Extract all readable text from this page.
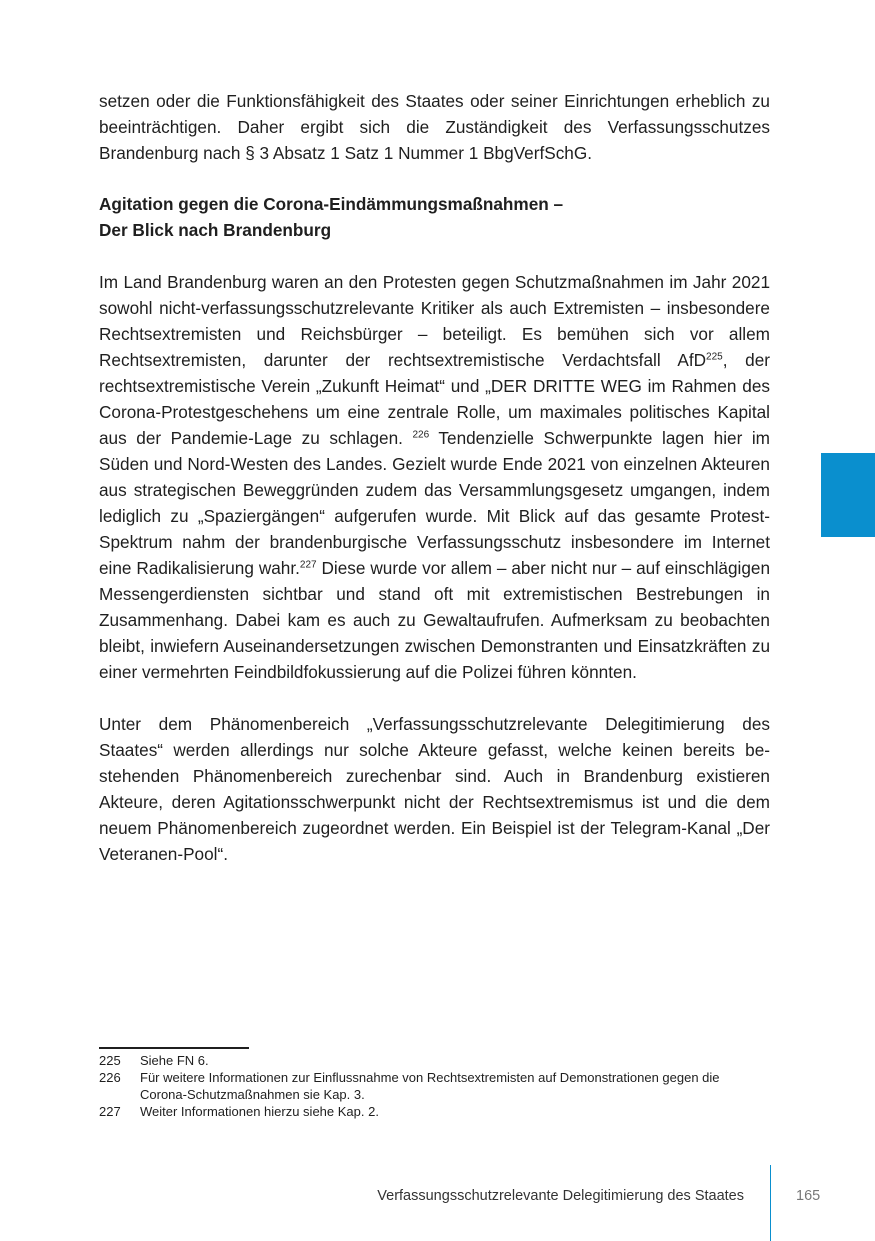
setzen oder die Funktionsfähigkeit des Staates oder seiner Einrichtungen erheblich zu beeinträchtigen. Daher ergibt sich die Zuständigkeit des Verfassungsschutzes Brandenburg nach § 3 Absatz 1 Satz 1 Nummer 1 BbgVerfSchG.

Agitation gegen die Corona-Eindämmungsmaßnahmen –
Der Blick nach Brandenburg

Im Land Brandenburg waren an den Protesten gegen Schutzmaßnahmen im Jahr 2021 sowohl nicht-verfassungsschutzrelevante Kritiker als auch Extremisten – insbesondere Rechtsextremisten und Reichsbürger – beteiligt. Es bemühen sich vor allem Rechtsextremisten, darunter der rechtsextremistische Verdachtsfall AfD$^{225}$, der rechtsextremistische Verein „Zukunft Heimat“ und „DER DRITTE WEG im Rahmen des Corona-Protestgeschehens um eine zentrale Rolle, um maximales politisches Kapital aus der Pandemie-Lage zu schlagen. $^{226}$ Tendenzielle Schwerpunkte lagen hier im Süden und Nord-Westen des Landes. Gezielt wurde Ende 2021 von einzelnen Akteuren aus strategischen Beweggründen zudem das Versammlungsgesetz umgangen, indem lediglich zu „Spaziergängen“ aufgerufen wurde. Mit Blick auf das gesamte Protest-Spektrum nahm der brandenburgische Verfassungsschutz insbesondere im Internet eine Radikalisierung wahr.$^{227}$ Diese wurde vor allem – aber nicht nur – auf einschlägigen Messengerdiensten sichtbar und stand oft mit extremistischen Bestrebungen in Zusammenhang. Dabei kam es auch zu Gewaltaufrufen. Aufmerksam zu beobachten bleibt, inwiefern Auseinandersetzungen zwischen Demonstranten und Einsatzkräften zu einer vermehrten Feindbildfokussierung auf die Polizei führen könnten.

Unter dem Phänomenbereich „Verfassungsschutzrelevante Delegitimierung des Staates“ werden allerdings nur solche Akteure gefasst, welche keinen bereits bestehenden Phänomenbereich zurechenbar sind. Auch in Brandenburg existieren Akteure, deren Agitationsschwerpunkt nicht der Rechtsextremismus ist und die dem neuem Phänomenbereich zugeordnet werden. Ein Beispiel ist der Telegram-Kanal „Der Veteranen-Pool“.

225	Siehe FN 6.
226	Für weitere Informationen zur Einflussnahme von Rechtsextremisten auf Demonstrationen gegen die Corona-Schutzmaßnahmen sie Kap. 3.
227	Weiter Informationen hierzu siehe Kap. 2.
Verfassungsschutzrelevante Delegitimierung des Staates	165
